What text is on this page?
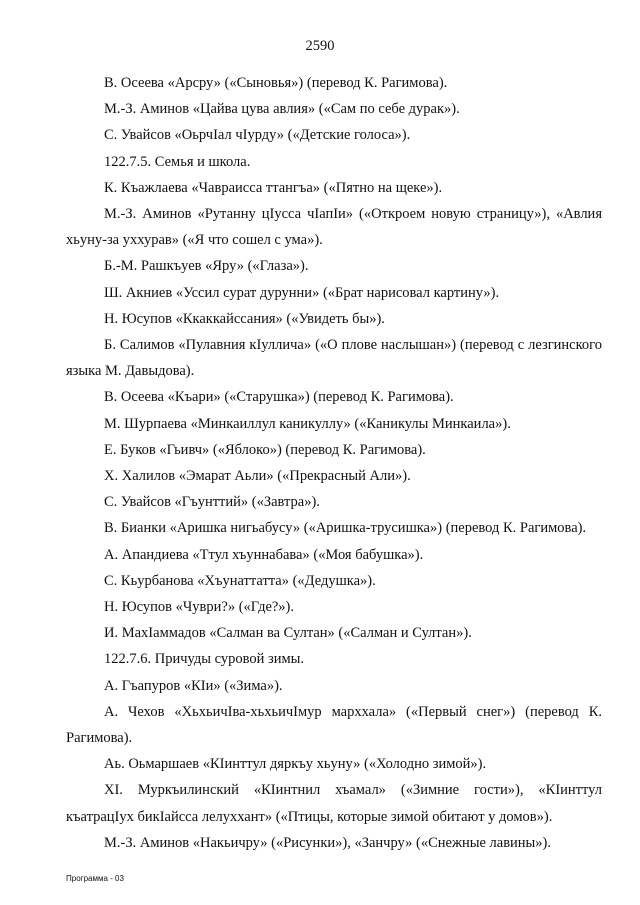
2590

В. Осеева «Арсру» («Сыновья») (перевод К. Рагимова).

М.-З. Аминов «Цайва цува авлия» («Сам по себе дурак»).

С. Увайсов «ОьрчIал чIурду» («Детские голоса»).

122.7.5. Семья и школа.

К. Къажлаева «Чавраисса ттангъа» («Пятно на щеке»).

М.-З. Аминов «Рутанну цIусса чIапIи» («Откроем новую страницу»), «Авлия хьуну-за уххурав» («Я что сошел с ума»).

Б.-М. Рашкъуев «Яру» («Глаза»).

Ш. Акниев «Уссил сурат дурунни» («Брат нарисовал картину»).

Н. Юсупов «Ккаккайссания» («Увидеть бы»).

Б. Салимов «Пулавния кIуллича» («О плове наслышан») (перевод с лезгинского языка М. Давыдова).

В. Осеева «Къари» («Старушка») (перевод К. Рагимова).

М. Шурпаева «Минкаиллул каникуллу» («Каникулы Минкаила»).

Е. Буков «Гьивч» («Яблоко») (перевод К. Рагимова).

Х. Халилов «Эмарат Аьли» («Прекрасный Али»).

С. Увайсов «Гъунттий» («Завтра»).

В. Бианки «Аришка нигьабусу» («Аришка-трусишка») (перевод К. Рагимова).

А. Апандиева «Ттул хъуннабава» («Моя бабушка»).

С. Кьурбанова «Хъунаттатта» («Дедушка»).

Н. Юсупов «Чуври?» («Где?»).

И. МахIаммадов «Салман ва Султан» («Салман и Султан»).

122.7.6. Причуды суровой зимы.

А. Гъапуров «КIи» («Зима»).

А. Чехов «ХьхьичIва-хьхьичIмур марххала» («Первый снег») (перевод К. Рагимова).

Аь. Оьмаршаев «КIинттул дяркъу хьуну» («Холодно зимой»).

ХI. Муркъилинский «КIинтнил хъамал» («Зимние гости»), «КIинттул къатрацIух бикIайсса лелуххант» («Птицы, которые зимой обитают у домов»).

М.-З. Аминов «Накьичру» («Рисунки»), «Занчру» («Снежные лавины»).

Программа - 03
